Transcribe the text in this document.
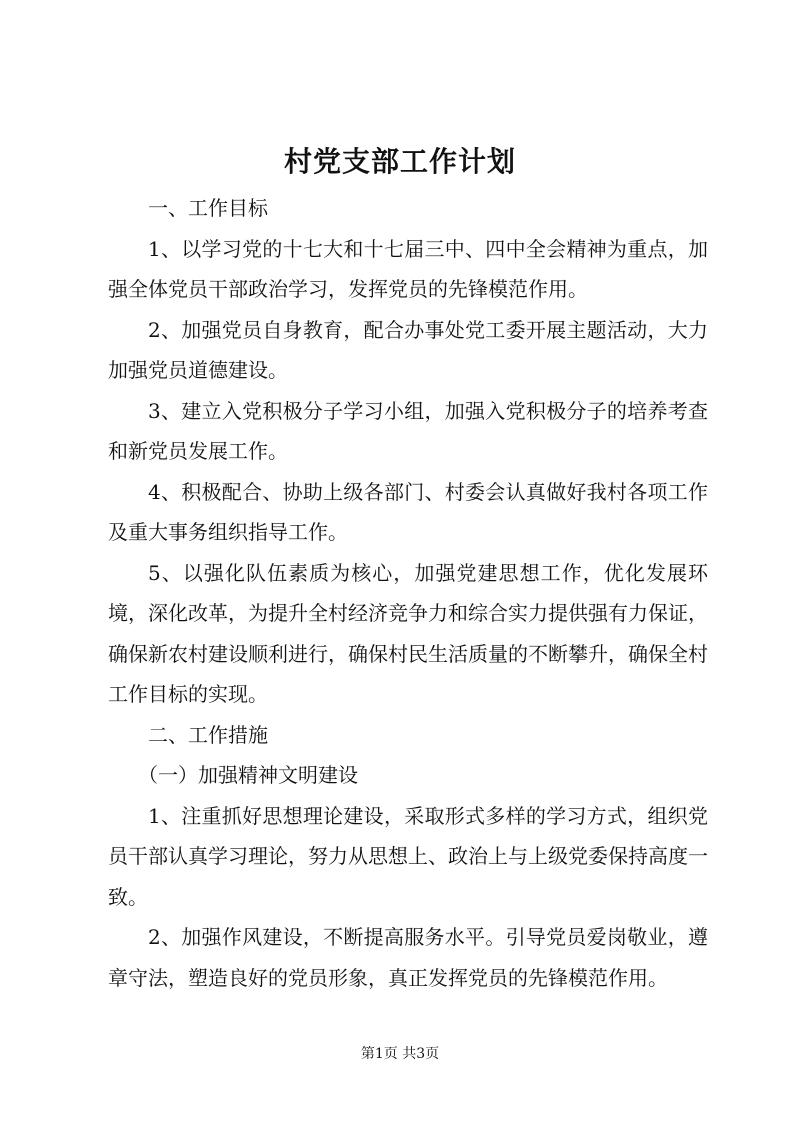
村党支部工作计划

一、工作目标

1、以学习党的十七大和十七届三中、四中全会精神为重点，加强全体党员干部政治学习，发挥党员的先锋模范作用。

2、加强党员自身教育，配合办事处党工委开展主题活动，大力加强党员道德建设。

3、建立入党积极分子学习小组，加强入党积极分子的培养考查和新党员发展工作。

4、积极配合、协助上级各部门、村委会认真做好我村各项工作及重大事务组织指导工作。

5、以强化队伍素质为核心，加强党建思想工作，优化发展环境，深化改革，为提升全村经济竞争力和综合实力提供强有力保证，确保新农村建设顺利进行，确保村民生活质量的不断攀升，确保全村工作目标的实现。

二、工作措施

（一）加强精神文明建设

1、注重抓好思想理论建设，采取形式多样的学习方式，组织党员干部认真学习理论，努力从思想上、政治上与上级党委保持高度一致。

2、加强作风建设，不断提高服务水平。引导党员爱岗敬业，遵章守法，塑造良好的党员形象，真正发挥党员的先锋模范作用。

第1页 共3页
